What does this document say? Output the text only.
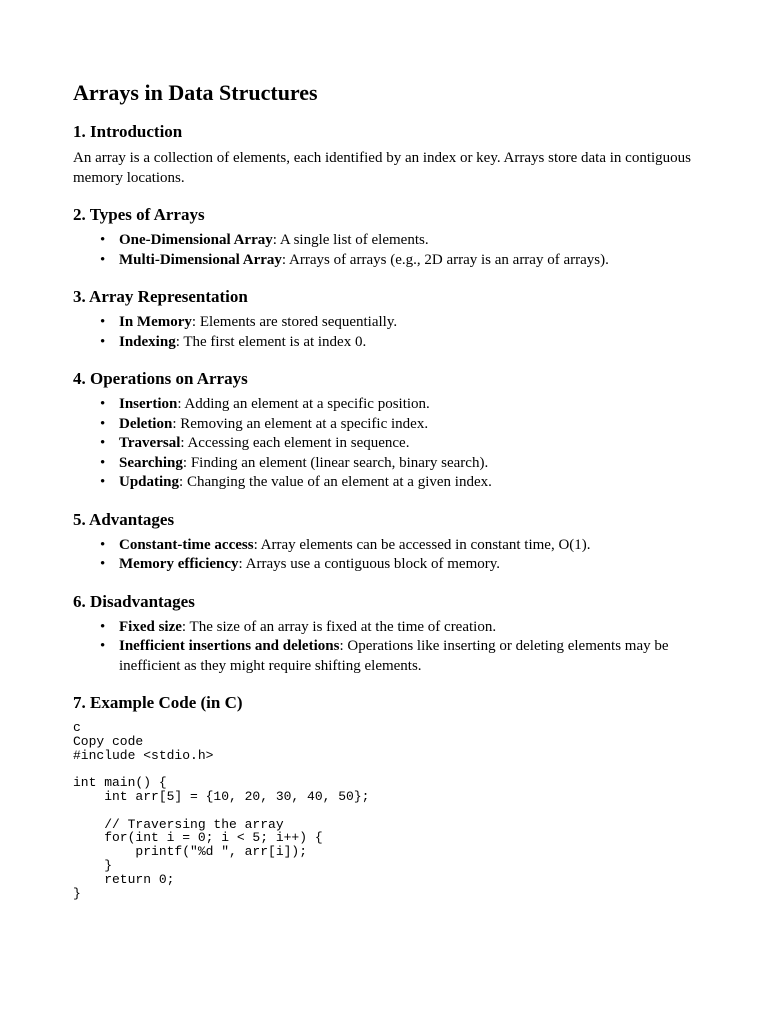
Arrays in Data Structures
1. Introduction

An array is a collection of elements, each identified by an index or key. Arrays store data in contiguous memory locations.

2. Types of Arrays
• One-Dimensional Array: A single list of elements.
• Multi-Dimensional Array: Arrays of arrays (e.g., 2D array is an array of arrays).
3. Array Representation
• In Memory: Elements are stored sequentially.
• Indexing: The first element is at index 0.
4. Operations on Arrays
• Insertion: Adding an element at a specific position.
• Deletion: Removing an element at a specific index.
• Traversal: Accessing each element in sequence.
• Searching: Finding an element (linear search, binary search).
• Updating: Changing the value of an element at a given index.
5. Advantages
• Constant-time access: Array elements can be accessed in constant time, O(1).
• Memory efficiency: Arrays use a contiguous block of memory.
6. Disadvantages
• Fixed size: The size of an array is fixed at the time of creation.
• Inefficient insertions and deletions: Operations like inserting or deleting elements may be inefficient as they might require shifting elements.
7. Example Code (in C)
c
Copy code
#include <stdio.h>

int main() {
int arr[5] = {10, 20, 30, 40, 50};

// Traversing the array
for(int i = 0; i < 5; i++) {
printf("%d ", arr[i]);
}
return 0;
}
